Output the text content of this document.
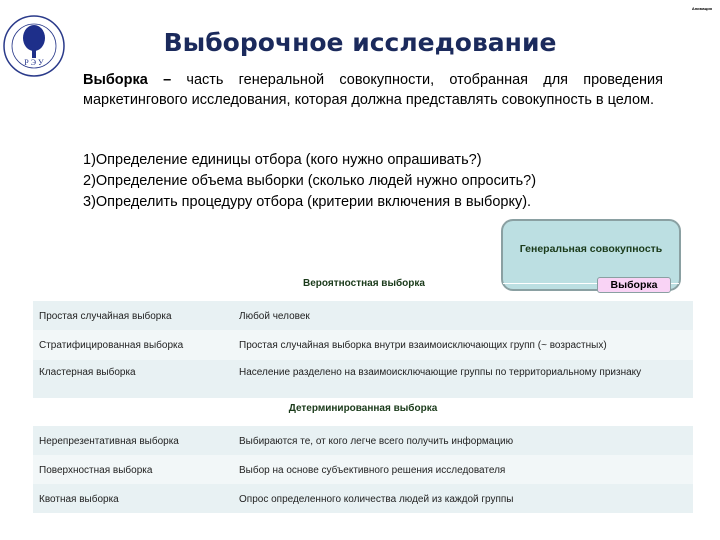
Р Э У
Анимация
Выборочное исследование
Выборка – часть генеральной совокупности, отобранная для проведения маркетингового исследования, которая должна представлять совокупность в целом.
1)Определение единицы отбора (кого нужно опрашивать?)
2)Определение объема выборки (сколько людей нужно опросить?)
3)Определить процедуру отбора (критерии включения в выборку).
Генеральная совокупность
Выборка
Вероятностная выборка
Простая случайная выборка	Любой человек
Стратифицированная выборка	Простая случайная выборка внутри взаимоисключающих групп (~ возрастных)
Кластерная выборка	Население разделено на взаимоисключающие группы по территориальному признаку
Детерминированная выборка
Нерепрезентативная выборка	Выбираются те, от кого легче всего получить информацию
Поверхностная выборка	Выбор на основе субъективного решения исследователя
Квотная выборка	Опрос определенного количества людей из каждой группы
